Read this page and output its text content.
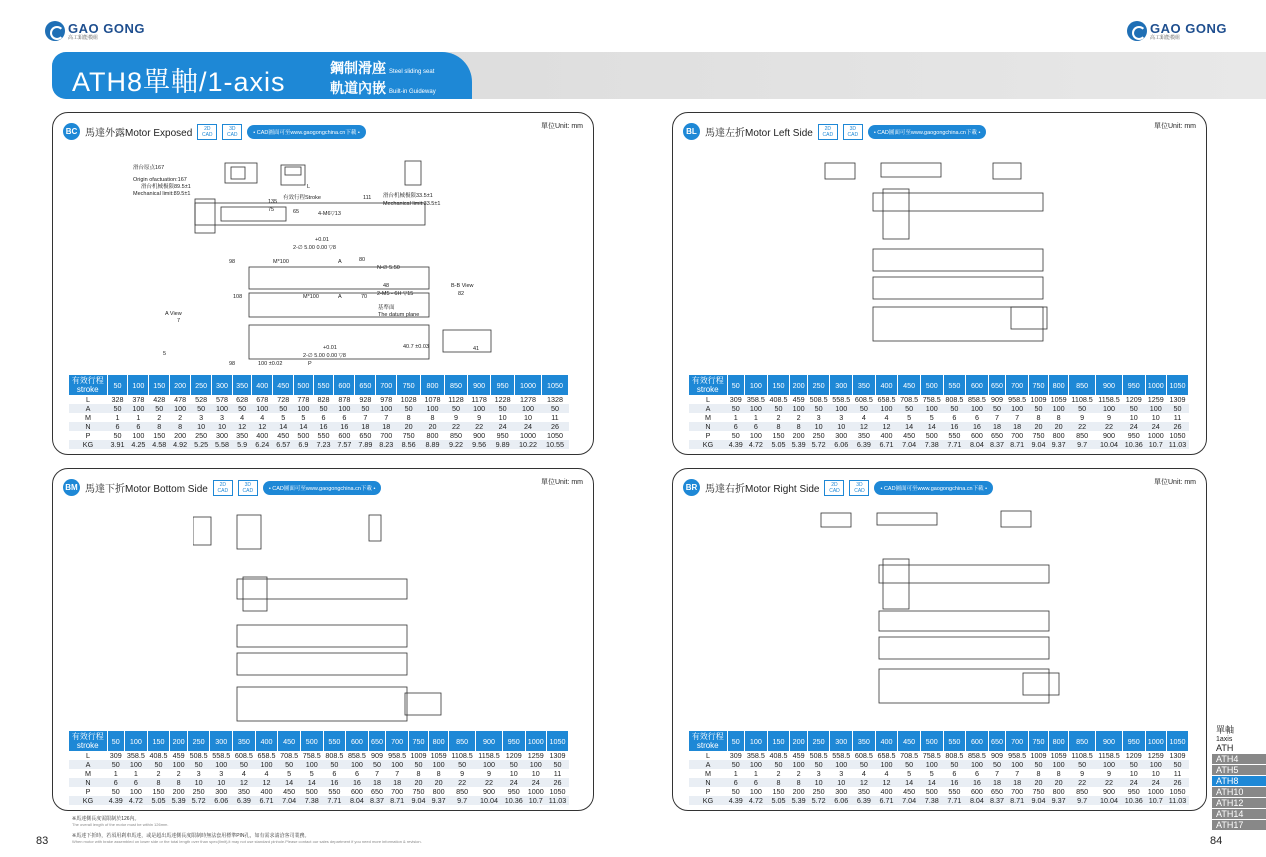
GAO GONG
高工鋁能模組
GAO GONG
高工鋁能模組
ATH8單軸/1-axis	鋼制滑座 Steel sliding seat
軌道內嵌 Built-in Guideway
BC 馬達外露Motor Exposed	2D CAD
3D CAD	• CAD圖面可至www.gaogongchina.cn下載 •
單位Unit: mm
滑台原点167
Origin ofactuation:167
滑台机械极限89.5±1
Mechanical limit:89.5±1
L
有效行程Stroke	111 滑台机械极限33.5±1
Mechanical limit:33.5±1
135
75	65	4-M6▽13
+0.01
2-∅ 5.00 0.00 ▽8
98	M*100	A	80
N-∅ 5.50
48
108	M*100	A	70 2-M5 - 6H ▽15
B-B View
82
A View
7
基準面
The datum plane
40.7 ±0.03	41
+0.01
2-∅ 5.00 0.00 ▽8
98	100 ±0.02	P
5
有效行程 stroke	50	100	150	200	250	300	350	400	450	500	550	600	650	700	750	800	850	900	950	1000	1050
L	328	378	428	478	528	578	628	678	728	778	828	878	928	978	1028	1078	1128	1178	1228	1278	1328
A	50	100	50	100	50	100	50	100	50	100	50	100	50	100	50	100	50	100	50	100	50
M	1	1	2	2	3	3	4	4	5	5	6	6	7	7	8	8	9	9	10	10	11
N	6	6	8	8	10	10	12	12	14	14	16	16	18	18	20	20	22	22	24	24	26
P	50	100	150	200	250	300	350	400	450	500	550	600	650	700	750	800	850	900	950	1000	1050
KG	3.91	4.25	4.58	4.92	5.25	5.58	5.9	6.24	6.57	6.9	7.23	7.57	7.89	8.23	8.56	8.89	9.22	9.56	9.89	10.22	10.55
BL 馬達左折Motor Left Side	2D CAD
3D CAD	• CAD圖面可至www.gaogongchina.cn下載 •
單位Unit: mm
有效行程 stroke	50	100	150	200	250	300	350	400	450	500	550	600	650	700	750	800	850	900	950	1000	1050
L	309	358.5	408.5	459	508.5	558.5	608.5	658.5	708.5	758.5	808.5	858.5	909	958.5	1009	1059	1108.5	1158.5	1209	1259	1309
A	50	100	50	100	50	100	50	100	50	100	50	100	50	100	50	100	50	100	50	100	50
M	1	1	2	2	3	3	4	4	5	5	6	6	7	7	8	8	9	9	10	10	11
N	6	6	8	8	10	10	12	12	14	14	16	16	18	18	20	20	22	22	24	24	26
P	50	100	150	200	250	300	350	400	450	500	550	600	650	700	750	800	850	900	950	1000	1050
KG	4.39	4.72	5.05	5.39	5.72	6.06	6.39	6.71	7.04	7.38	7.71	8.04	8.37	8.71	9.04	9.37	9.7	10.04	10.36	10.7	11.03
BM 馬達下折Motor Bottom Side	2D CAD
3D CAD	• CAD圖面可至www.gaogongchina.cn下載 •
單位Unit: mm
有效行程 stroke	50	100	150	200	250	300	350	400	450	500	550	600	650	700	750	800	850	900	950	1000	1050
L	309	358.5	408.5	459	508.5	558.5	608.5	658.5	708.5	758.5	808.5	858.5	909	958.5	1009	1059	1108.5	1158.5	1209	1259	1309
A	50	100	50	100	50	100	50	100	50	100	50	100	50	100	50	100	50	100	50	100	50
M	1	1	2	2	3	3	4	4	5	5	6	6	7	7	8	8	9	9	10	10	11
N	6	6	8	8	10	10	12	12	14	14	16	16	18	18	20	20	22	22	24	24	26
P	50	100	150	200	250	300	350	400	450	500	550	600	650	700	750	800	850	900	950	1000	1050
KG	4.39	4.72	5.05	5.39	5.72	6.06	6.39	6.71	7.04	7.38	7.71	8.04	8.37	8.71	9.04	9.37	9.7	10.04	10.36	10.7	11.03
BR 馬達右折Motor Right Side	2D CAD
3D CAD	• CAD圖面可至www.gaogongchina.cn下載 •
單位Unit: mm
有效行程 stroke	50	100	150	200	250	300	350	400	450	500	550	600	650	700	750	800	850	900	950	1000	1050
L	309	358.5	408.5	459	508.5	558.5	608.5	658.5	708.5	758.5	808.5	858.5	909	958.5	1009	1059	1108.5	1158.5	1209	1259	1309
A	50	100	50	100	50	100	50	100	50	100	50	100	50	100	50	100	50	100	50	100	50
M	1	1	2	2	3	3	4	4	5	5	6	6	7	7	8	8	9	9	10	10	11
N	6	6	8	8	10	10	12	12	14	14	16	16	18	18	20	20	22	22	24	24	26
P	50	100	150	200	250	300	350	400	450	500	550	600	650	700	750	800	850	900	950	1000	1050
KG	4.39	4.72	5.05	5.39	5.72	6.06	6.39	6.71	7.04	7.38	7.71	8.04	8.37	8.71	9.04	9.37	9.7	10.04	10.36	10.7	11.03
※馬達側長度需限制於126內。
The overall length of the motor must be within 126mm.
※馬達下折時，若須用剎車馬達，或是超出馬達側長度限制時無法套用標準PIN孔，如有需求請洽客司業務。
When motor with brake assembled on lower side or the total length over than spec(limit),it may not use standard pinhole.Please contact our sales department if you need more information & revision.
83	84
單軸
1axis
ATH
ATH4
ATH5
ATH8
ATH10
ATH12
ATH14
ATH17
